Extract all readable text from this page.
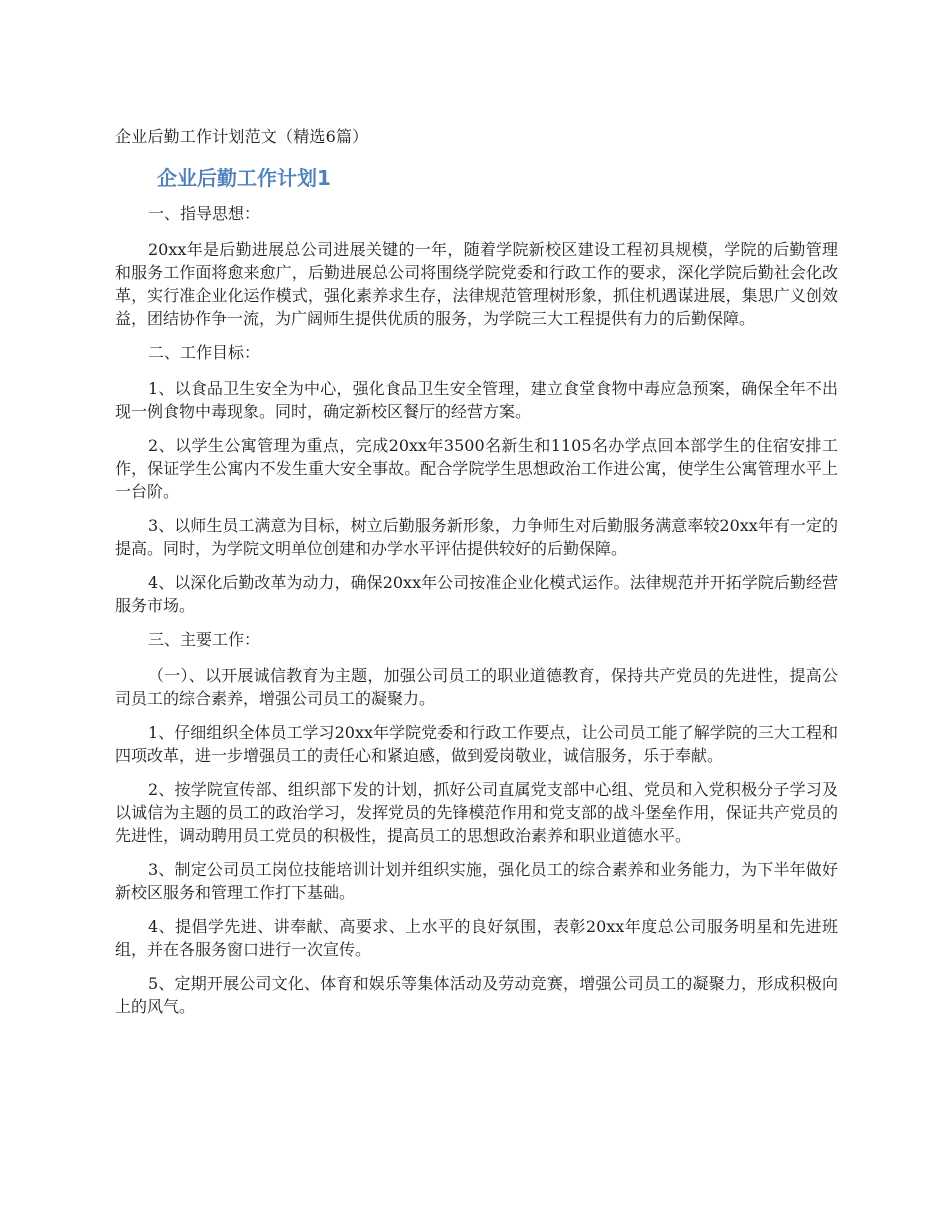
企业后勤工作计划范文（精选6篇）
企业后勤工作计划1

一、指导思想：

20xx年是后勤进展总公司进展关键的一年，随着学院新校区建设工程初具规模，学院的后勤管理和服务工作面将愈来愈广，后勤进展总公司将围绕学院党委和行政工作的要求，深化学院后勤社会化改革，实行准企业化运作模式，强化素养求生存，法律规范管理树形象，抓住机遇谋进展，集思广义创效益，团结协作争一流，为广阔师生提供优质的服务，为学院三大工程提供有力的后勤保障。

二、工作目标：

1、以食品卫生安全为中心，强化食品卫生安全管理，建立食堂食物中毒应急预案，确保全年不出现一例食物中毒现象。同时，确定新校区餐厅的经营方案。

2、以学生公寓管理为重点，完成20xx年3500名新生和1105名办学点回本部学生的住宿安排工作，保证学生公寓内不发生重大安全事故。配合学院学生思想政治工作进公寓，使学生公寓管理水平上一台阶。

3、以师生员工满意为目标，树立后勤服务新形象，力争师生对后勤服务满意率较20xx年有一定的提高。同时，为学院文明单位创建和办学水平评估提供较好的后勤保障。

4、以深化后勤改革为动力，确保20xx年公司按准企业化模式运作。法律规范并开拓学院后勤经营服务市场。

三、主要工作：

（一）、以开展诚信教育为主题，加强公司员工的职业道德教育，保持共产党员的先进性，提高公司员工的综合素养，增强公司员工的凝聚力。

1、仔细组织全体员工学习20xx年学院党委和行政工作要点，让公司员工能了解学院的三大工程和四项改革，进一步增强员工的责任心和紧迫感，做到爱岗敬业，诚信服务，乐于奉献。

2、按学院宣传部、组织部下发的计划，抓好公司直属党支部中心组、党员和入党积极分子学习及以诚信为主题的员工的政治学习，发挥党员的先锋模范作用和党支部的战斗堡垒作用，保证共产党员的先进性，调动聘用员工党员的积极性，提高员工的思想政治素养和职业道德水平。

3、制定公司员工岗位技能培训计划并组织实施，强化员工的综合素养和业务能力，为下半年做好新校区服务和管理工作打下基础。

4、提倡学先进、讲奉献、高要求、上水平的良好氛围，表彰20xx年度总公司服务明星和先进班组，并在各服务窗口进行一次宣传。

5、定期开展公司文化、体育和娱乐等集体活动及劳动竞赛，增强公司员工的凝聚力，形成积极向上的风气。
